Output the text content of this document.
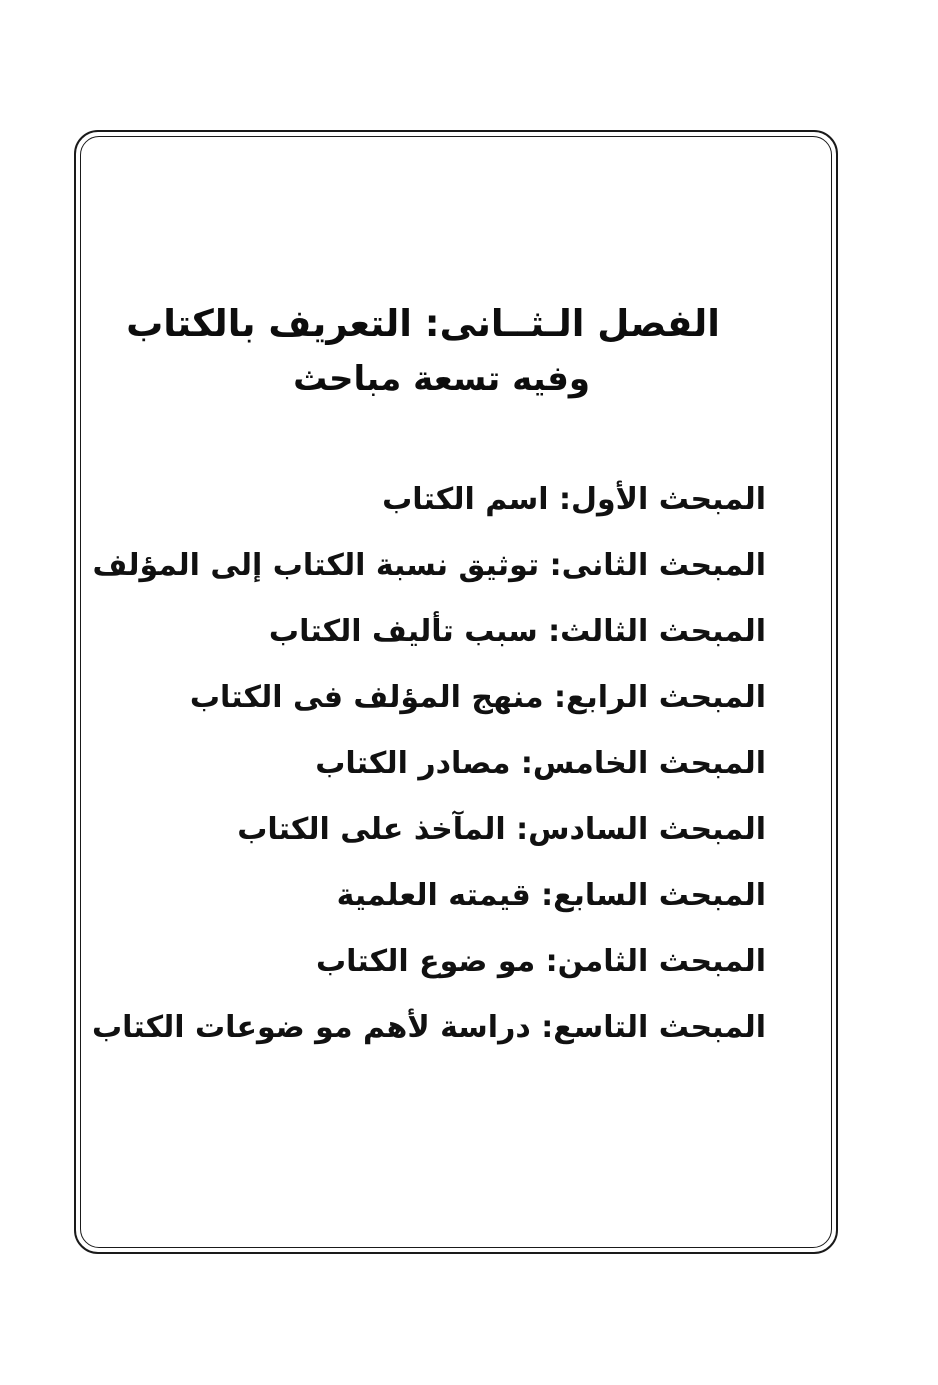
الفصل الـثــانى: التعريف بالكتاب
وفيه تسعة مباحث
المبحث الأول: اسم الكتاب
المبحث الثانى: توثيق نسبة الكتاب إلى المؤلف
المبحث الثالث: سبب تأليف الكتاب
المبحث الرابع: منهج المؤلف فى الكتاب
المبحث الخامس: مصادر الكتاب
المبحث السادس: المآخذ على الكتاب
المبحث السابع: قيمته العلمية
المبحث الثامن: مو ضوع الكتاب
المبحث التاسع: دراسة لأهم مو ضوعات الكتاب
